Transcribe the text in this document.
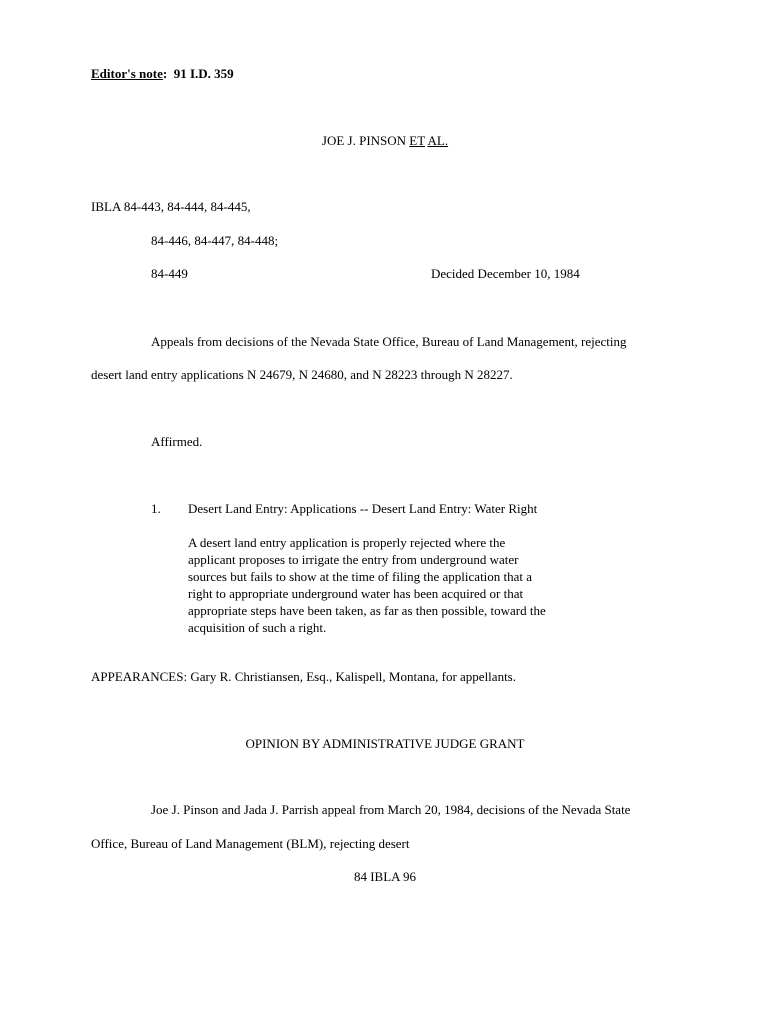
Editor's note:  91 I.D. 359
JOE J. PINSON ET AL.
IBLA 84-443, 84-444, 84-445,
84-446, 84-447, 84-448;
84-449	Decided December 10, 1984
Appeals from decisions of the Nevada State Office, Bureau of Land Management, rejecting
desert land entry applications N 24679, N 24680, and N 28223 through N 28227.
Affirmed.
1. Desert Land Entry: Applications -- Desert Land Entry: Water Right
A desert land entry application is properly rejected where the
applicant proposes to irrigate the entry from underground water
sources but fails to show at the time of filing the application that a
right to appropriate underground water has been acquired or that
appropriate steps have been taken, as far as then possible, toward the
acquisition of such a right.
APPEARANCES: Gary R. Christiansen, Esq., Kalispell, Montana, for appellants.
OPINION BY ADMINISTRATIVE JUDGE GRANT
Joe J. Pinson and Jada J. Parrish appeal from March 20, 1984, decisions of the Nevada State
Office, Bureau of Land Management (BLM), rejecting desert
84 IBLA 96
